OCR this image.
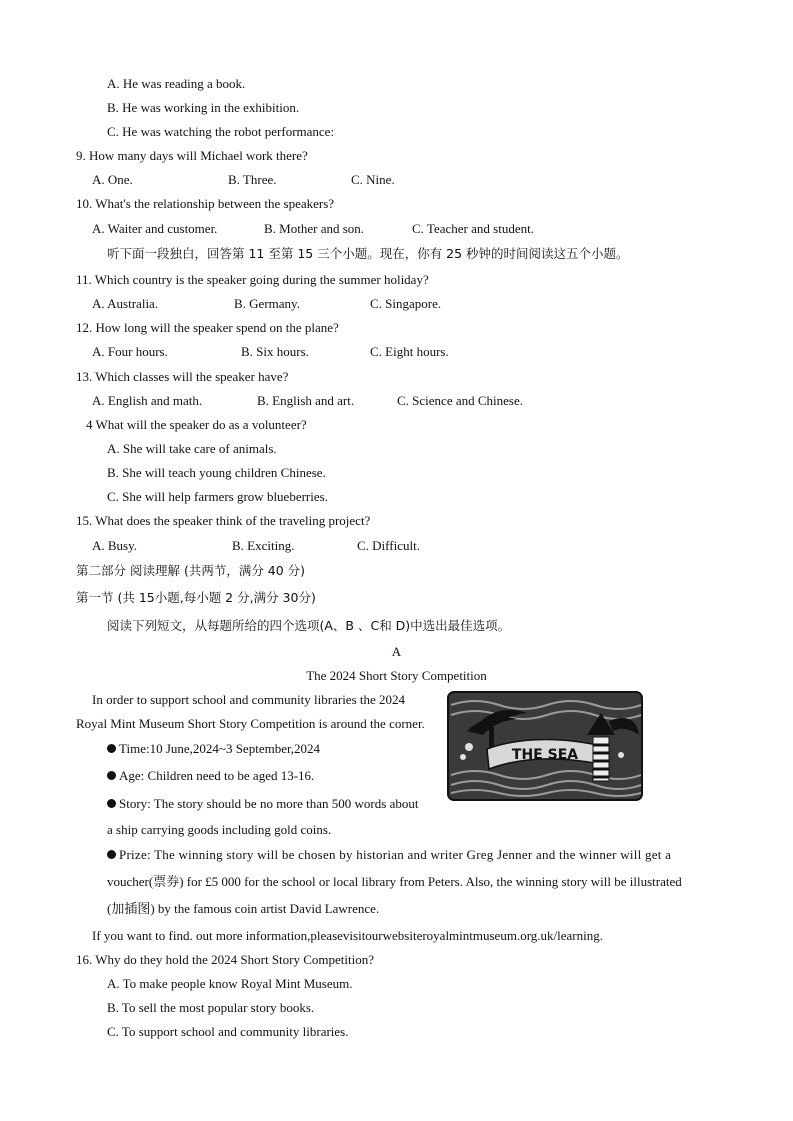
A. He was reading a book.
B. He was working in the exhibition.
C. He was watching the robot performance:
9. How many days will Michael work there?
A. One.	B. Three.	C. Nine.
10. What's the relationship between the speakers?
A. Waiter and customer.	B. Mother and son.	C. Teacher and student.
听下面一段独白，回答第 11 至第 15 三个小题。现在，你有 25 秒钟的时间阅读这五个小题。
11. Which country is the speaker going during the summer holiday?
A. Australia.	B. Germany.	C. Singapore.
12. How long will the speaker spend on the plane?
A. Four hours.	B. Six hours.	C. Eight hours.
13. Which classes will the speaker have?
A. English and math.	B. English and art.	C. Science and Chinese.
4 What will the speaker do as a volunteer?
A. She will take care of animals.
B. She will teach young children Chinese.
C. She will help farmers grow blueberries.
15. What does the speaker think of the traveling project?
A. Busy.	B. Exciting.	C. Difficult.
第二部分 阅读理解 (共两节，满分 40 分)
第一节 (共 15小题,每小题 2 分,满分 30分)
阅读下列短文，从每题所给的四个选项(A、B 、C和 D)中选出最佳选项。
A
The 2024 Short Story Competition
In order to support school and community libraries the 2024
Royal Mint Museum Short Story Competition is around the corner.
Time:10 June,2024~3 September,2024
Age: Children need to be aged 13-16.
Story: The story should be no more than 500 words about
a ship carrying goods including gold coins.
Prize: The winning story will be chosen by historian and writer Greg Jenner and the winner will get a
voucher(票券) for £5 000 for the school or local library from Peters. Also, the winning story will be illustrated
(加插图) by the famous coin artist David Lawrence.
If you want to find. out more information,pleasevisitourwebsiteroyalmintmuseum.org.uk/learning.
THE SEA
16. Why do they hold the 2024 Short Story Competition?
A. To make people know Royal Mint Museum.
B. To sell the most popular story books.
C. To support school and community libraries.
